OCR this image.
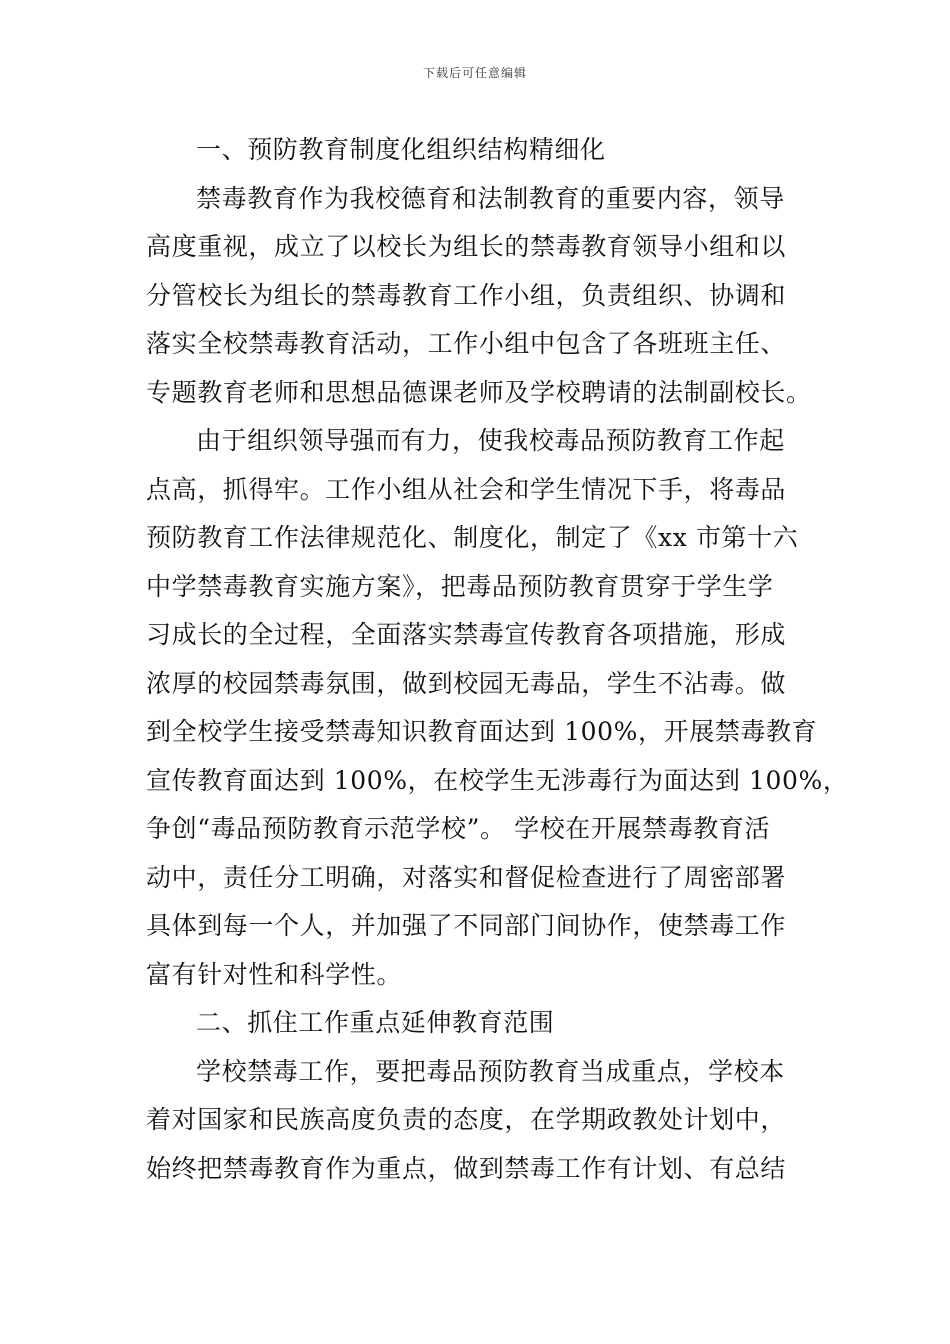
下载后可任意编辑
一、预防教育制度化组织结构精细化
禁毒教育作为我校德育和法制教育的重要内容，领导
高度重视，成立了以校长为组长的禁毒教育领导小组和以
分管校长为组长的禁毒教育工作小组，负责组织、协调和
落实全校禁毒教育活动，工作小组中包含了各班班主任、
专题教育老师和思想品德课老师及学校聘请的法制副校长。
由于组织领导强而有力，使我校毒品预防教育工作起
点高，抓得牢。工作小组从社会和学生情况下手，将毒品
预防教育工作法律规范化、制度化，制定了《xx 市第十六
中学禁毒教育实施方案》，把毒品预防教育贯穿于学生学
习成长的全过程，全面落实禁毒宣传教育各项措施，形成
浓厚的校园禁毒氛围，做到校园无毒品，学生不沾毒。做
到全校学生接受禁毒知识教育面达到 100%，开展禁毒教育
宣传教育面达到 100%，在校学生无涉毒行为面达到 100%，
争创“毒品预防教育示范学校”。 学校在开展禁毒教育活
动中，责任分工明确，对落实和督促检查进行了周密部署
具体到每一个人，并加强了不同部门间协作，使禁毒工作
富有针对性和科学性。
二、抓住工作重点延伸教育范围
学校禁毒工作，要把毒品预防教育当成重点，学校本
着对国家和民族高度负责的态度，在学期政教处计划中，
始终把禁毒教育作为重点，做到禁毒工作有计划、有总结
